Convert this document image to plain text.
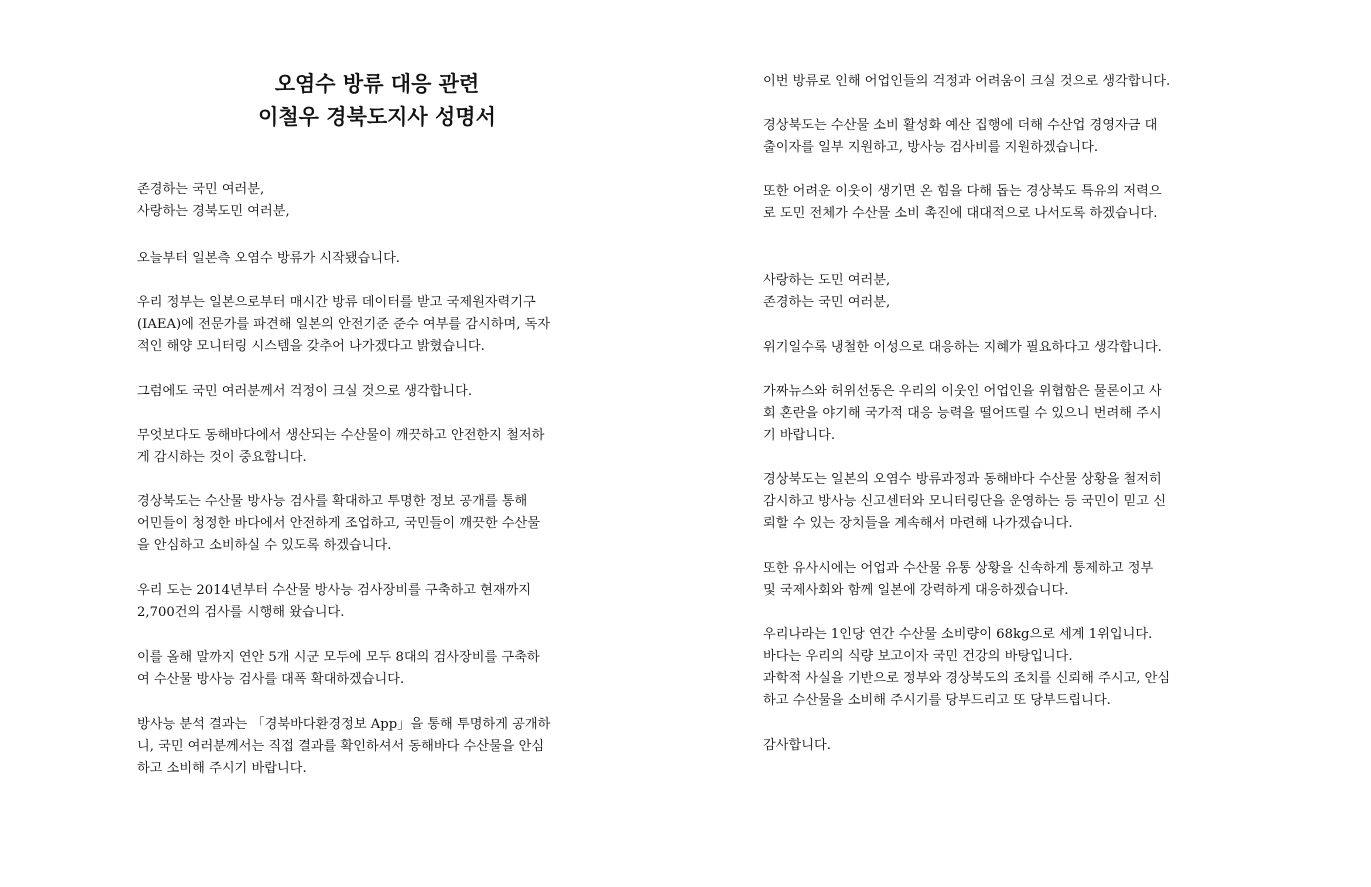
오염수 방류 대응 관련
이철우 경북도지사 성명서
존경하는 국민 여러분,
사랑하는 경북도민 여러분,
오늘부터 일본측 오염수 방류가 시작됐습니다.
우리 정부는 일본으로부터 매시간 방류 데이터를 받고 국제원자력기구
(IAEA)에 전문가를 파견해 일본의 안전기준 준수 여부를 감시하며, 독자
적인 해양 모니터링 시스템을 갖추어 나가겠다고 밝혔습니다.
그럼에도 국민 여러분께서 걱정이 크실 것으로 생각합니다.
무엇보다도 동해바다에서 생산되는 수산물이 깨끗하고 안전한지 철저하
게 감시하는 것이 중요합니다.
경상북도는 수산물 방사능 검사를 확대하고 투명한 정보 공개를 통해
어민들이 청정한 바다에서 안전하게 조업하고, 국민들이 깨끗한 수산물
을 안심하고 소비하실 수 있도록 하겠습니다.
우리 도는 2014년부터 수산물 방사능 검사장비를 구축하고 현재까지
2,700건의 검사를 시행해 왔습니다.
이를 올해 말까지 연안 5개 시군 모두에 모두 8대의 검사장비를 구축하
여 수산물 방사능 검사를 대폭 확대하겠습니다.
방사능 분석 결과는 「경북바다환경정보 App」을 통해 투명하게 공개하
니, 국민 여러분께서는 직접 결과를 확인하셔서 동해바다 수산물을 안심
하고 소비해 주시기 바랍니다.
이번 방류로 인해 어업인들의 걱정과 어려움이 크실 것으로 생각합니다.
경상북도는 수산물 소비 활성화 예산 집행에 더해 수산업 경영자금 대
출이자를 일부 지원하고, 방사능 검사비를 지원하겠습니다.
또한 어려운 이웃이 생기면 온 힘을 다해 돕는 경상북도 특유의 저력으
로 도민 전체가 수산물 소비 촉진에 대대적으로 나서도록 하겠습니다.
사랑하는 도민 여러분,
존경하는 국민 여러분,
위기일수록 냉철한 이성으로 대응하는 지혜가 필요하다고 생각합니다.
가짜뉴스와 허위선동은 우리의 이웃인 어업인을 위협함은 물론이고 사
회 혼란을 야기해 국가적 대응 능력을 떨어뜨릴 수 있으니 번려해 주시
기 바랍니다.
경상북도는 일본의 오염수 방류과정과 동해바다 수산물 상황을 철저히
감시하고 방사능 신고센터와 모니터링단을 운영하는 등 국민이 믿고 신
뢰할 수 있는 장치들을 계속해서 마련해 나가겠습니다.
또한 유사시에는 어업과 수산물 유통 상황을 신속하게 통제하고 정부
및 국제사회와 함께 일본에 강력하게 대응하겠습니다.
우리나라는 1인당 연간 수산물 소비량이 68kg으로 세계 1위입니다.
바다는 우리의 식량 보고이자 국민 건강의 바탕입니다.
과학적 사실을 기반으로 정부와 경상북도의 조치를 신뢰해 주시고, 안심
하고 수산물을 소비해 주시기를 당부드리고 또 당부드립니다.
감사합니다.
